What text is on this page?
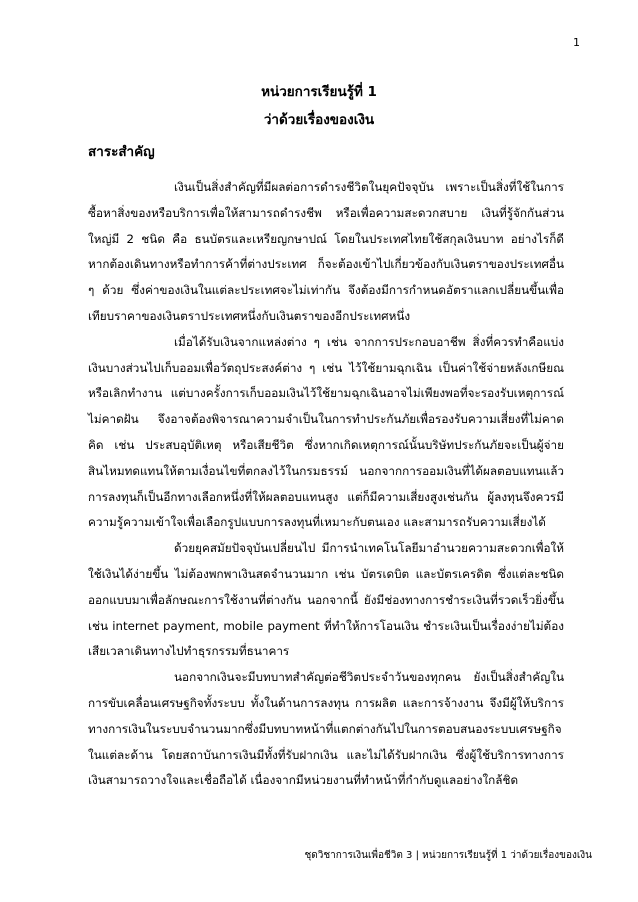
1
หน่วยการเรียนรู้ที่ 1
ว่าด้วยเรื่องของเงิน
สาระสำคัญ

เงินเป็นสิ่งสำคัญที่มีผลต่อการดำรงชีวิตในยุคปัจจุบัน เพราะเป็นสิ่งที่ใช้ในการซื้อหาสิ่งของหรือบริการเพื่อให้สามารถดำรงชีพ หรือเพื่อความสะดวกสบาย เงินที่รู้จักกันส่วนใหญ่มี 2 ชนิด คือ ธนบัตรและเหรียญกษาปณ์ โดยในประเทศไทยใช้สกุลเงินบาท อย่างไรก็ดี หากต้องเดินทางหรือทำการค้าที่ต่างประเทศ ก็จะต้องเข้าไปเกี่ยวข้องกับเงินตราของประเทศอื่น ๆ ด้วย ซึ่งค่าของเงินในแต่ละประเทศจะไม่เท่ากัน จึงต้องมีการกำหนดอัตราแลกเปลี่ยนขึ้นเพื่อเทียบราคาของเงินตราประเทศหนึ่งกับเงินตราของอีกประเทศหนึ่ง

เมื่อได้รับเงินจากแหล่งต่าง ๆ เช่น จากการประกอบอาชีพ สิ่งที่ควรทำคือแบ่งเงินบางส่วนไปเก็บออมเพื่อวัตถุประสงค์ต่าง ๆ เช่น ไว้ใช้ยามฉุกเฉิน เป็นค่าใช้จ่ายหลังเกษียณหรือเลิกทำงาน แต่บางครั้งการเก็บออมเงินไว้ใช้ยามฉุกเฉินอาจไม่เพียงพอที่จะรองรับเหตุการณ์ไม่คาดฝัน จึงอาจต้องพิจารณาความจำเป็นในการทำประกันภัยเพื่อรองรับความเสี่ยงที่ไม่คาดคิด เช่น ประสบอุบัติเหตุ หรือเสียชีวิต ซึ่งหากเกิดเหตุการณ์นั้นบริษัทประกันภัยจะเป็นผู้จ่ายสินไหมทดแทนให้ตามเงื่อนไขที่ตกลงไว้ในกรมธรรม์ นอกจากการออมเงินที่ได้ผลตอบแทนแล้ว การลงทุนก็เป็นอีกทางเลือกหนึ่งที่ให้ผลตอบแทนสูง แต่ก็มีความเสี่ยงสูงเช่นกัน ผู้ลงทุนจึงควรมีความรู้ความเข้าใจเพื่อเลือกรูปแบบการลงทุนที่เหมาะกับตนเอง และสามารถรับความเสี่ยงได้

ด้วยยุคสมัยปัจจุบันเปลี่ยนไป มีการนำเทคโนโลยีมาอำนวยความสะดวกเพื่อให้ใช้เงินได้ง่ายขึ้น ไม่ต้องพกพาเงินสดจำนวนมาก เช่น บัตรเดบิต และบัตรเครดิต ซึ่งแต่ละชนิดออกแบบมาเพื่อลักษณะการใช้งานที่ต่างกัน นอกจากนี้ ยังมีช่องทางการชำระเงินที่รวดเร็วยิ่งขึ้น เช่น internet payment, mobile payment ที่ทำให้การโอนเงิน ชำระเงินเป็นเรื่องง่ายไม่ต้องเสียเวลาเดินทางไปทำธุรกรรมที่ธนาคาร

นอกจากเงินจะมีบทบาทสำคัญต่อชีวิตประจำวันของทุกคน ยังเป็นสิ่งสำคัญในการขับเคลื่อนเศรษฐกิจทั้งระบบ ทั้งในด้านการลงทุน การผลิต และการจ้างงาน จึงมีผู้ให้บริการทางการเงินในระบบจำนวนมากซึ่งมีบทบาทหน้าที่แตกต่างกันไปในการตอบสนองระบบเศรษฐกิจในแต่ละด้าน โดยสถาบันการเงินมีทั้งที่รับฝากเงิน และไม่ได้รับฝากเงิน ซึ่งผู้ใช้บริการทางการเงินสามารถวางใจและเชื่อถือได้ เนื่องจากมีหน่วยงานที่ทำหน้าที่กำกับดูแลอย่างใกล้ชิด

ชุดวิชาการเงินเพื่อชีวิต 3 | หน่วยการเรียนรู้ที่ 1 ว่าด้วยเรื่องของเงิน
